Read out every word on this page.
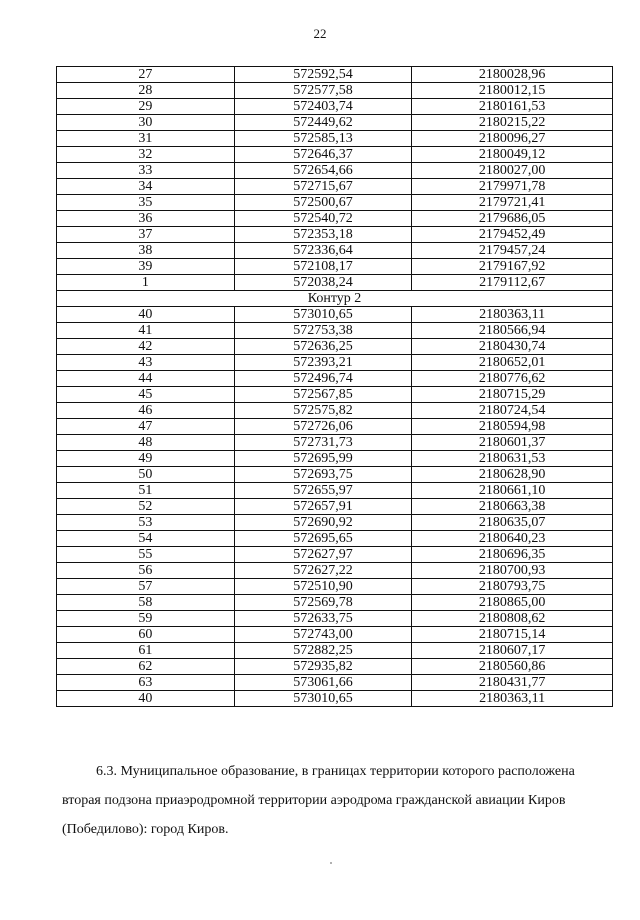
22
27	572592,54	2180028,96
28	572577,58	2180012,15
29	572403,74	2180161,53
30	572449,62	2180215,22
31	572585,13	2180096,27
32	572646,37	2180049,12
33	572654,66	2180027,00
34	572715,67	2179971,78
35	572500,67	2179721,41
36	572540,72	2179686,05
37	572353,18	2179452,49
38	572336,64	2179457,24
39	572108,17	2179167,92
1	572038,24	2179112,67
Контур 2		
40	573010,65	2180363,11
41	572753,38	2180566,94
42	572636,25	2180430,74
43	572393,21	2180652,01
44	572496,74	2180776,62
45	572567,85	2180715,29
46	572575,82	2180724,54
47	572726,06	2180594,98
48	572731,73	2180601,37
49	572695,99	2180631,53
50	572693,75	2180628,90
51	572655,97	2180661,10
52	572657,91	2180663,38
53	572690,92	2180635,07
54	572695,65	2180640,23
55	572627,97	2180696,35
56	572627,22	2180700,93
57	572510,90	2180793,75
58	572569,78	2180865,00
59	572633,75	2180808,62
60	572743,00	2180715,14
61	572882,25	2180607,17
62	572935,82	2180560,86
63	573061,66	2180431,77
40	573010,65	2180363,11
6.3. Муниципальное образование, в границах территории которого расположена
вторая подзона приаэродромной территории аэродрома гражданской авиации Киров
(Победилово): город Киров.
